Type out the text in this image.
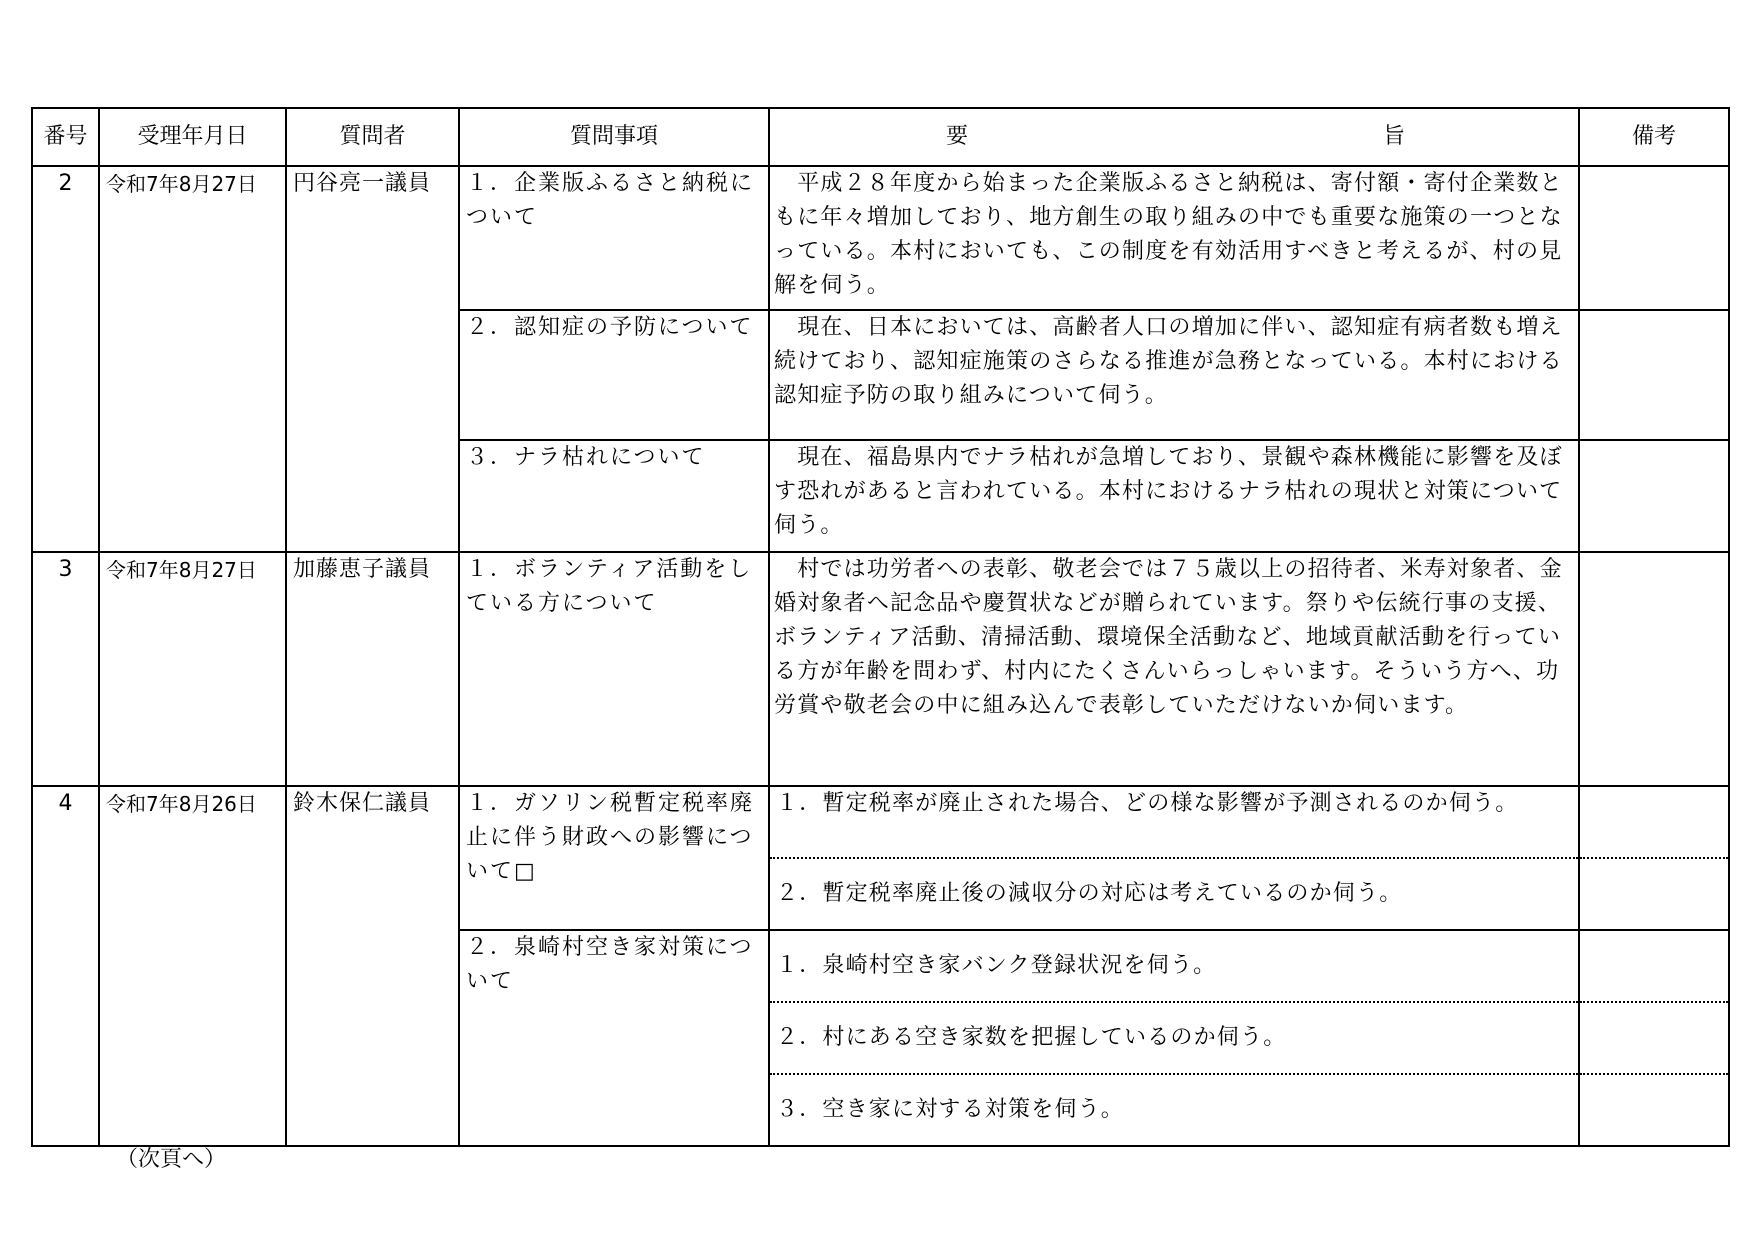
番号	受理年月日	質問者	質問事項	要 旨	備考
2	令和7年8月27日	円谷亮一議員	１．企業版ふるさと納税について	　平成２８年度から始まった企業版ふるさと納税は、寄付額・寄付企業数ともに年々増加しており、地方創生の取り組みの中でも重要な施策の一つとなっている。本村においても、この制度を有効活用すべきと考えるが、村の見解を伺う。	
			２．認知症の予防について	　現在、日本においては、高齢者人口の増加に伴い、認知症有病者数も増え続けており、認知症施策のさらなる推進が急務となっている。本村における認知症予防の取り組みについて伺う。	
			３．ナラ枯れについて	　現在、福島県内でナラ枯れが急増しており、景観や森林機能に影響を及ぼす恐れがあると言われている。本村におけるナラ枯れの現状と対策について伺う。	
3	令和7年8月27日	加藤恵子議員	１．ボランティア活動をしている方について	　村では功労者への表彰、敬老会では７５歳以上の招待者、米寿対象者、金婚対象者へ記念品や慶賀状などが贈られています。祭りや伝統行事の支援、ボランティア活動、清掃活動、環境保全活動など、地域貢献活動を行っている方が年齢を問わず、村内にたくさんいらっしゃいます。そういう方へ、功労賞や敬老会の中に組み込んで表彰していただけないか伺います。	
4	令和7年8月26日	鈴木保仁議員	１．ガソリン税暫定税率廃止に伴う財政への影響について□	１．暫定税率が廃止された場合、どの様な影響が予測されるのか伺う。	
				２．暫定税率廃止後の減収分の対応は考えているのか伺う。	
			２．泉崎村空き家対策について	１．泉崎村空き家バンク登録状況を伺う。	
				２．村にある空き家数を把握しているのか伺う。	
				３．空き家に対する対策を伺う。	
（次頁へ）
